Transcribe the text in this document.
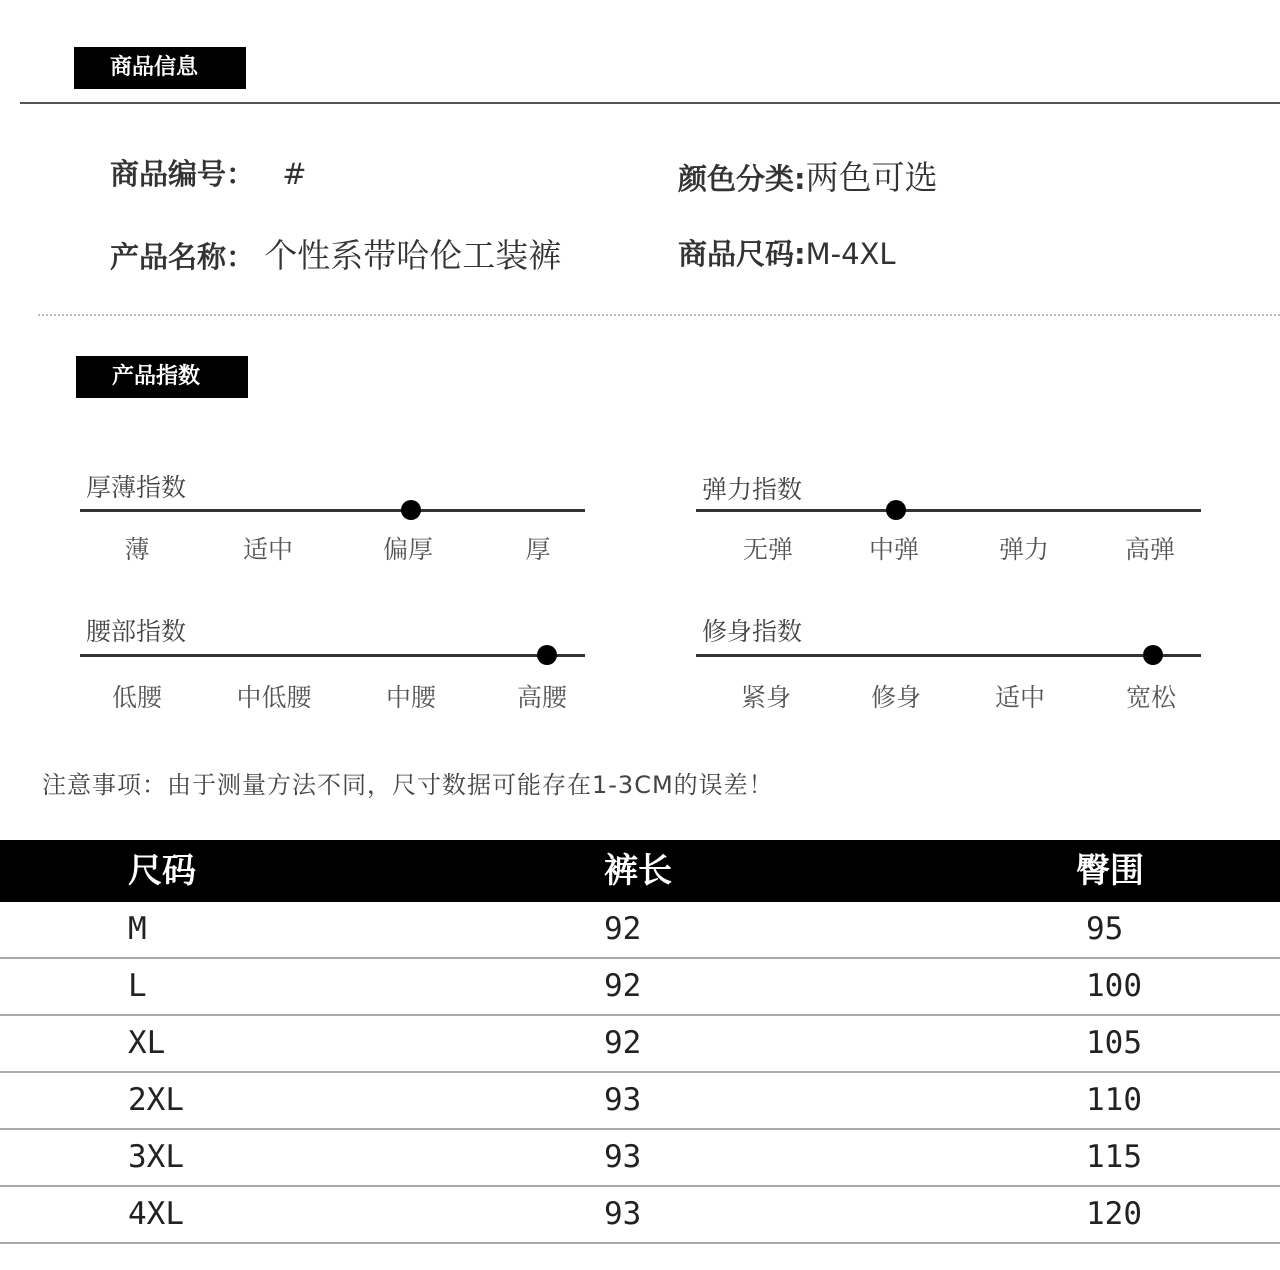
商品信息
商品编号： #	颜色分类:两色可选
产品名称： 个性系带哈伦工装裤	商品尺码:M-4XL
产品指数
厚薄指数
薄	适中	偏厚	厚
弹力指数
无弹	中弹	弹力	高弹
腰部指数
低腰	中低腰	中腰	高腰
修身指数
紧身	修身	适中	宽松
注意事项：由于测量方法不同，尺寸数据可能存在1-3CM的误差！
尺码	裤长	臀围
M	92	95
L	92	100
XL	92	105
2XL	93	110
3XL	93	115
4XL	93	120
